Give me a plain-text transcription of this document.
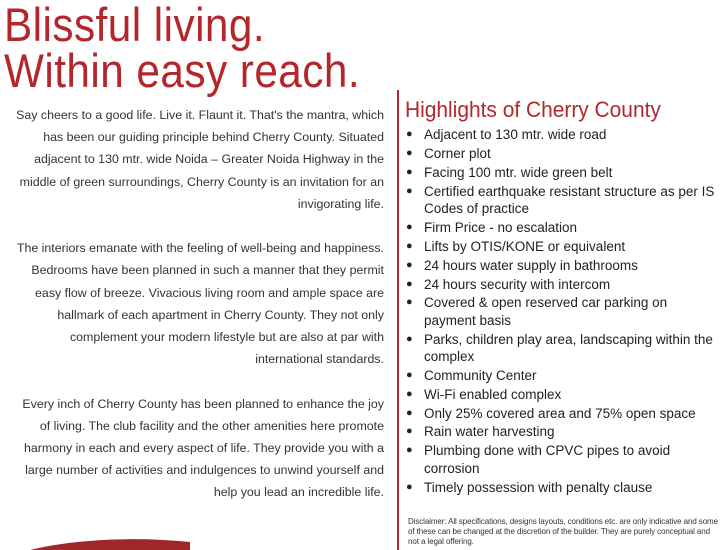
Blissful living.
Within easy reach.

Say cheers to a good life. Live it. Flaunt it. That's the mantra, which has been our guiding principle behind Cherry County. Situated adjacent to 130 mtr. wide Noida – Greater Noida Highway in the middle of green surroundings, Cherry County is an invitation for an invigorating life.

The interiors emanate with the feeling of well-being and happiness. Bedrooms have been planned in such a manner that they permit easy flow of breeze. Vivacious living room and ample space are hallmark of each apartment in Cherry County. They not only complement your modern lifestyle but are also at par with international standards.

Every inch of Cherry County has been planned to enhance the joy of living. The club facility and the other amenities here promote harmony in each and every aspect of life. They provide you with a large number of activities and indulgences to unwind yourself and help you lead an incredible life.

Highlights of Cherry County
● Adjacent to 130 mtr. wide road
● Corner plot
● Facing 100 mtr. wide green belt
● Certified earthquake resistant structure as per IS Codes of practice
● Firm Price - no escalation
● Lifts by OTIS/KONE or equivalent
● 24 hours water supply in bathrooms
● 24 hours security with intercom
● Covered & open reserved car parking on payment basis
● Parks, children play area, landscaping within the complex
● Community Center
● Wi-Fi enabled complex
● Only 25% covered area and 75% open space
● Rain water harvesting
● Plumbing done with CPVC pipes to avoid corrosion
● Timely possession with penalty clause
Disclaimer: All specifications, designs layouts, conditions etc. are only indicative and some of these can be changed at the discretion of the builder. They are purely conceptual and not a legal offering.
